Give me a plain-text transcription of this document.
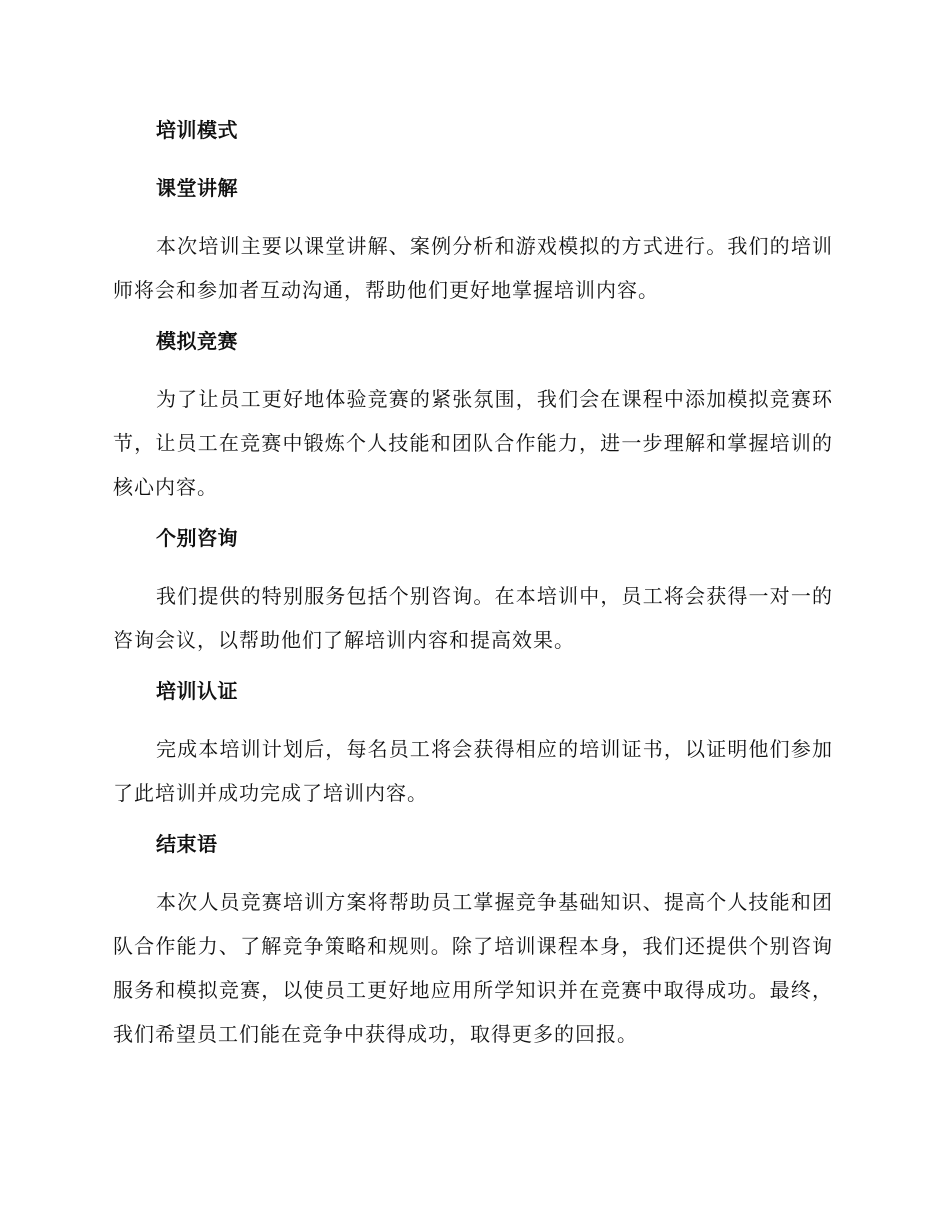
培训模式

课堂讲解

本次培训主要以课堂讲解、案例分析和游戏模拟的方式进行。我们的培训师将会和参加者互动沟通，帮助他们更好地掌握培训内容。

模拟竞赛

为了让员工更好地体验竞赛的紧张氛围，我们会在课程中添加模拟竞赛环节，让员工在竞赛中锻炼个人技能和团队合作能力，进一步理解和掌握培训的核心内容。

个别咨询

我们提供的特别服务包括个别咨询。在本培训中，员工将会获得一对一的咨询会议，以帮助他们了解培训内容和提高效果。

培训认证

完成本培训计划后，每名员工将会获得相应的培训证书，以证明他们参加了此培训并成功完成了培训内容。

结束语

本次人员竞赛培训方案将帮助员工掌握竞争基础知识、提高个人技能和团队合作能力、了解竞争策略和规则。除了培训课程本身，我们还提供个别咨询服务和模拟竞赛，以使员工更好地应用所学知识并在竞赛中取得成功。最终，我们希望员工们能在竞争中获得成功，取得更多的回报。
